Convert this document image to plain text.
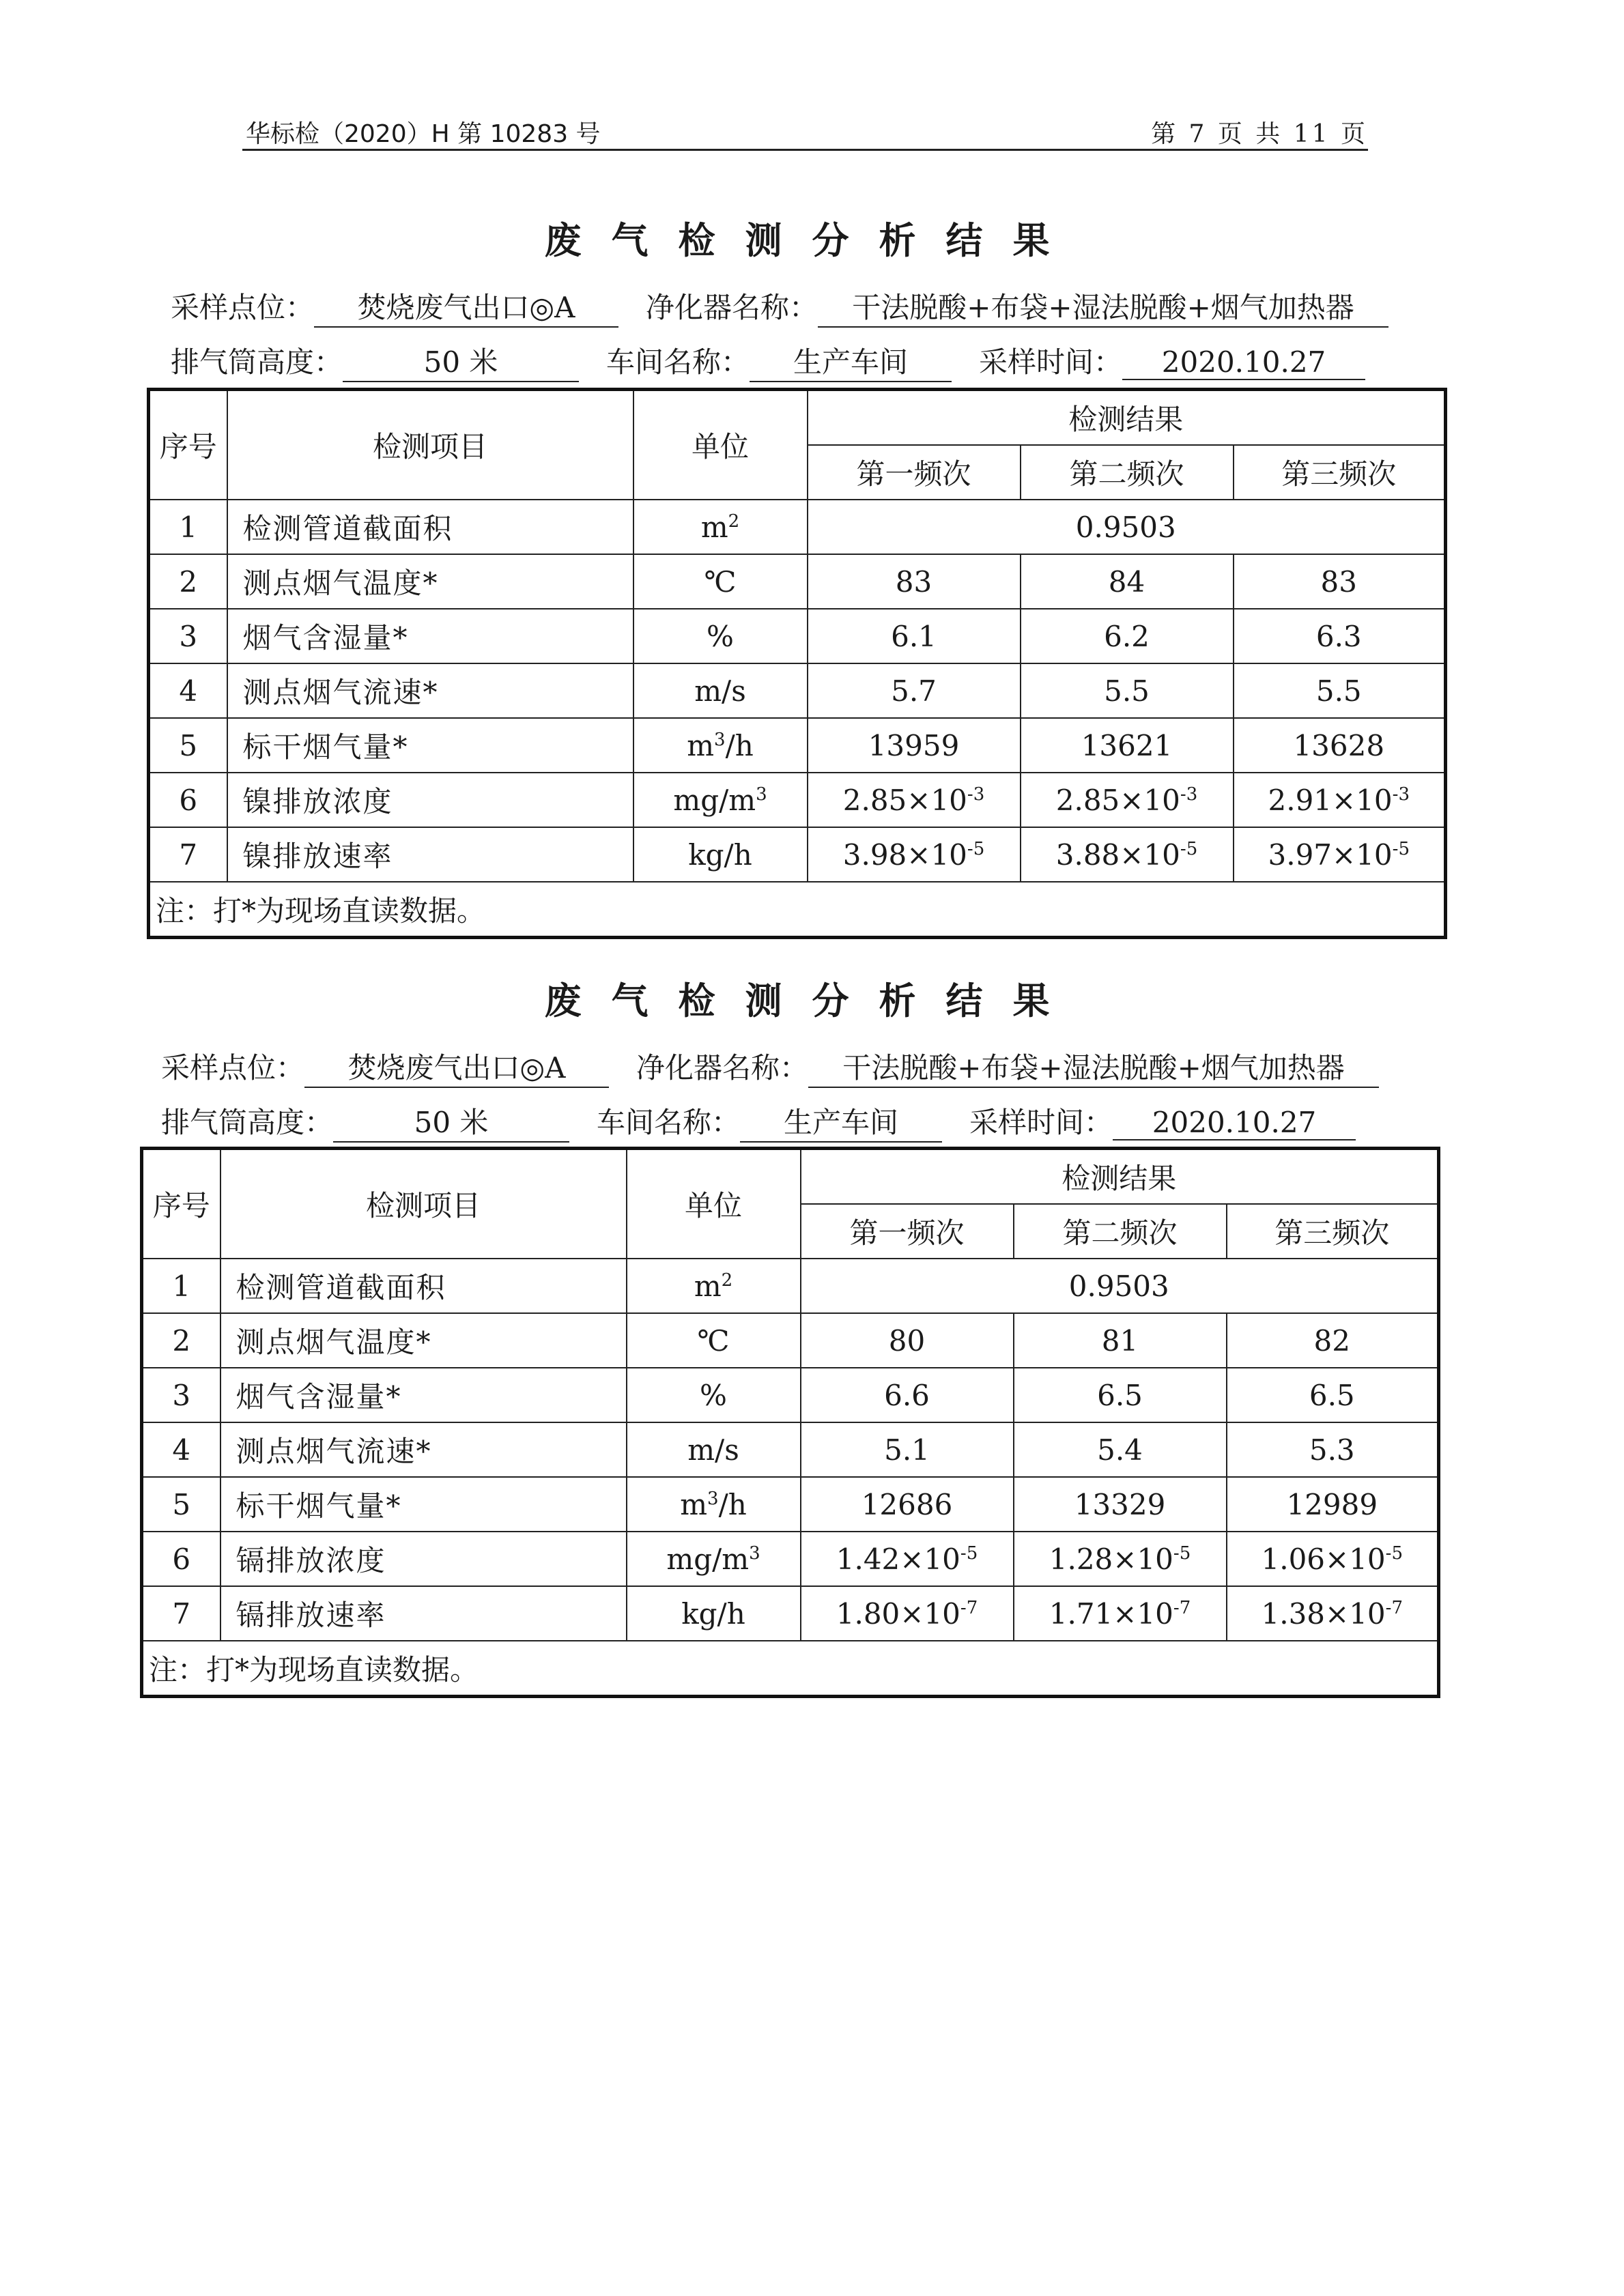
华标检（2020）H 第 10283 号	第 7 页 共 11 页
废气检测分析结果
采样点位： 焚烧废气出口◎A 净化器名称： 干法脱酸+布袋+湿法脱酸+烟气加热器
排气筒高度：	50 米	车间名称： 生产车间 采样时间： 2020.10.27
序号	检测项目	单位	检测结果		
			第一频次	第二频次	第三频次
1	检测管道截面积	$m^2$	0.9503		
2	测点烟气温度*	℃	83	84	83
3	烟气含湿量*	%	6.1	6.2	6.3
4	测点烟气流速*	m/s	5.7	5.5	5.5
5	标干烟气量*	$m^3/h$	13959	13621	13628
6	镍排放浓度	$mg/m^3$	$2.85\times 10^{-3}$	$2.85\times 10^{-3}$	$2.91\times 10^{-3}$
7	镍排放速率	kg/h	$3.98\times 10^{-5}$	$3.88\times 10^{-5}$	$3.97\times 10^{-5}$
注：打*为现场直读数据。					
废气检测分析结果
采样点位： 焚烧废气出口◎A 净化器名称： 干法脱酸+布袋+湿法脱酸+烟气加热器
排气筒高度：	50 米	车间名称： 生产车间 采样时间： 2020.10.27
序号	检测项目	单位	检测结果		
			第一频次	第二频次	第三频次
1	检测管道截面积	$m^2$	0.9503		
2	测点烟气温度*	℃	80	81	82
3	烟气含湿量*	%	6.6	6.5	6.5
4	测点烟气流速*	m/s	5.1	5.4	5.3
5	标干烟气量*	$m^3/h$	12686	13329	12989
6	镉排放浓度	$mg/m^3$	$1.42\times 10^{-5}$	$1.28\times 10^{-5}$	$1.06\times 10^{-5}$
7	镉排放速率	kg/h	$1.80\times 10^{-7}$	$1.71\times 10^{-7}$	$1.38\times 10^{-7}$
注：打*为现场直读数据。					
